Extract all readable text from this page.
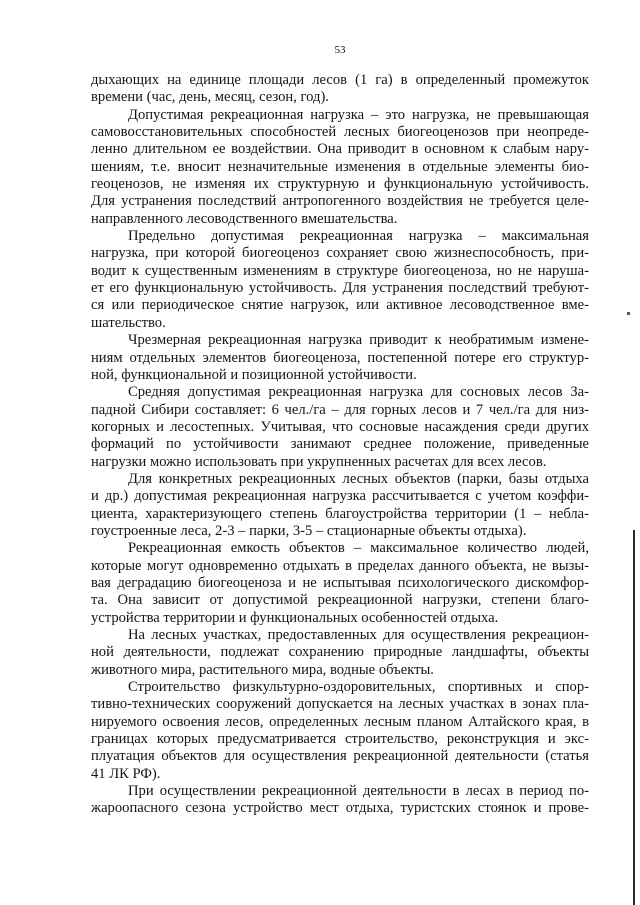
53

дыхающих на единице площади лесов (1 га) в определенный промежуток
времени (час, день, месяц, сезон, год).

Допустимая рекреационная нагрузка – это нагрузка, не превышающая
самовосстановительных способностей лесных биогеоценозов при неопреде-
ленно длительном ее воздействии. Она приводит в основном к слабым нару-
шениям, т.е. вносит незначительные изменения в отдельные элементы био-
геоценозов, не изменяя их структурную и функциональную устойчивость.
Для устранения последствий антропогенного воздействия не требуется целе-
направленного лесоводственного вмешательства.

Предельно допустимая рекреационная нагрузка – максимальная
нагрузка, при которой биогеоценоз сохраняет свою жизнеспособность, при-
водит к существенным изменениям в структуре биогеоценоза, но не наруша-
ет его функциональную устойчивость. Для устранения последствий требуют-
ся или периодическое снятие нагрузок, или активное лесоводственное вме-
шательство.

Чрезмерная рекреационная нагрузка приводит к необратимым измене-
ниям отдельных элементов биогеоценоза, постепенной потере его структур-
ной, функциональной и позиционной устойчивости.

Средняя допустимая рекреационная нагрузка для сосновых лесов За-
падной Сибири составляет: 6 чел./га – для горных лесов и 7 чел./га для низ-
когорных и лесостепных. Учитывая, что сосновые насаждения среди других
формаций по устойчивости занимают среднее положение, приведенные
нагрузки можно использовать при укрупненных расчетах для всех лесов.

Для конкретных рекреационных лесных объектов (парки, базы отдыха
и др.) допустимая рекреационная нагрузка рассчитывается с учетом коэффи-
циента, характеризующего степень благоустройства территории (1 – небла-
гоустроенные леса, 2-3 – парки, 3-5 – стационарные объекты отдыха).

Рекреационная емкость объектов – максимальное количество людей,
которые могут одновременно отдыхать в пределах данного объекта, не вызы-
вая деградацию биогеоценоза и не испытывая психологического дискомфор-
та. Она зависит от допустимой рекреационной нагрузки, степени благо-
устройства территории и функциональных особенностей отдыха.

На лесных участках, предоставленных для осуществления рекреацион-
ной деятельности, подлежат сохранению природные ландшафты, объекты
животного мира, растительного мира, водные объекты.

Строительство физкультурно-оздоровительных, спортивных и спор-
тивно-технических сооружений допускается на лесных участках в зонах пла-
нируемого освоения лесов, определенных лесным планом Алтайского края, в
границах которых предусматривается строительство, реконструкция и экс-
плуатация объектов для осуществления рекреационной деятельности (статья
41 ЛК РФ).

При осуществлении рекреационной деятельности в лесах в период по-
жароопасного сезона устройство мест отдыха, туристских стоянок и прове-
